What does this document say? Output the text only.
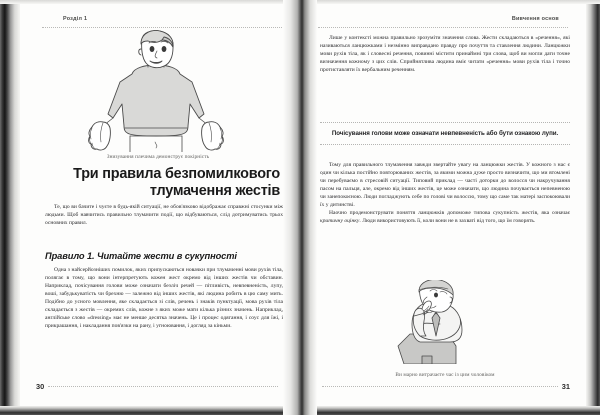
Розділ 1
Знизування плечима демонструє покірність
Три правила безпомилкового тлумачення жестів

Те, що ви бачите і чуєте в будь-якій ситуації, не обов'язково відображає справжні стосунки між людьми. Щоб навчитись правильно тлумачити події, що відбуваються, слід дотримуватись трьох основних правил.

Правило 1. Читайте жести в сукупності

Одна з найсерйозніших помилок, яких припускаються новачки при тлумаченні мови рухів тіла, полягає в тому, що вони інтерпретують кожен жест окремо від інших жестів чи обставин. Наприклад, почісування голови може означати безліч речей — пітливість, невпевненість, лупу, воші, забудькуватість чи брехню — залежно від інших жестів, які людина робить в цю саму мить. Подібно до усного мовлення, яке складається зі слів, речень і знаків пунктуації, мова рухів тіла складається з жестів — окремих слів, кожне з яких може мати кілька різних значень. Наприклад, англійське слово «dressing» має не менше десятка значень. Це і процес одягання, і соус для їжі, і прикрашання, і накладання пов'язки на рану, і угноювання, і догляд за кіньми.

30
Вивчення основ

Лише у контексті можна правильно зрозуміти значення слова. Жести складаються в «речення», які називаються ланцюжками і незмінно виправдано правду про почуття та ставлення людини. Ланцюжки мови рухів тіла, як і словесні речення, повинні містити принаймні три слова, щоб ви могли дати точне визначення кожному з цих слів. Сприйнятлива людина вміє читати «речення» мови рухів тіла і точно протиставляти їх вербальним реченням.

Почісування голови може означати невпевненість або бути ознакою лупи.

Тому для правильного тлумачення завжди звертайте увагу на ланцюжки жестів. У кожного з нас є один чи кілька постійно повторюваних жестів, за якими можна дуже просто визначити, що ми втомлені чи перебуваємо в стресовій ситуації. Типовий приклад — часті доторки до волосся чи накручування пасом на пальця, але, окремо від інших жестів, це може означати, що людина почувається непевненою чи занепокоєною. Люди погладжують себе по голові чи волоссю, тому що саме так матері заспокоювали їх у дитинстві.

Наочно продемонструвати поняття ланцюжків допоможе типова сукупність жестів, яка означає критичну оцінку. Люди використовують її, коли вони не в захваті від того, що їм говорять.

Ви марно витрачаєте час із цим чоловіком
31
